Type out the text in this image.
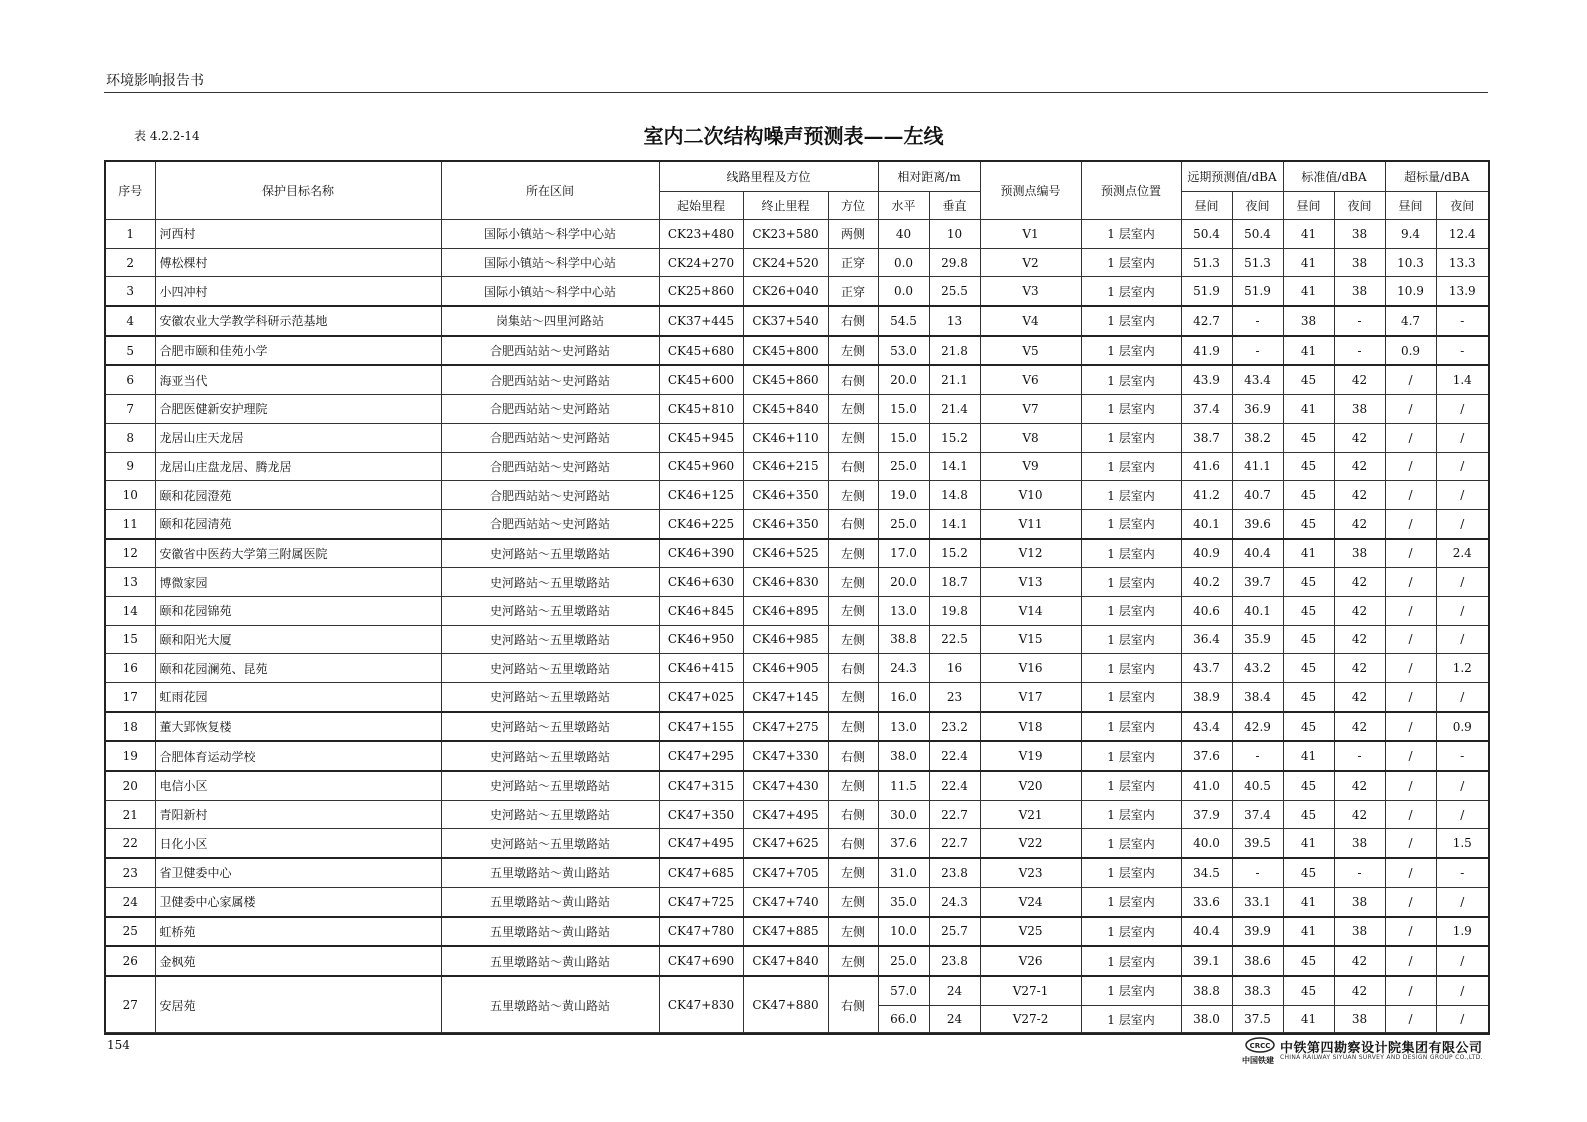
环境影响报告书
表 4.2.2-14	室内二次结构噪声预测表——左线
序号	保护目标名称	所在区间	线路里程及方位			相对距离/m		预测点编号	预测点位置	远期预测值/dBA		标准值/dBA		超标量/dBA	
			起始里程	终止里程	方位	水平	垂直			昼间	夜间	昼间	夜间	昼间	夜间
1	河西村	国际小镇站～科学中心站	CK23+480	CK23+580	两侧	40	10	V1	1 层室内	50.4	50.4	41	38	9.4	12.4
2	傅松棵村	国际小镇站～科学中心站	CK24+270	CK24+520	正穿	0.0	29.8	V2	1 层室内	51.3	51.3	41	38	10.3	13.3
3	小四冲村	国际小镇站～科学中心站	CK25+860	CK26+040	正穿	0.0	25.5	V3	1 层室内	51.9	51.9	41	38	10.9	13.9
4	安徽农业大学教学科研示范基地	岗集站～四里河路站	CK37+445	CK37+540	右侧	54.5	13	V4	1 层室内	42.7	-	38	-	4.7	-
5	合肥市颐和佳苑小学	合肥西站站～史河路站	CK45+680	CK45+800	左侧	53.0	21.8	V5	1 层室内	41.9	-	41	-	0.9	-
6	海亚当代	合肥西站站～史河路站	CK45+600	CK45+860	右侧	20.0	21.1	V6	1 层室内	43.9	43.4	45	42	/	1.4
7	合肥医健新安护理院	合肥西站站～史河路站	CK45+810	CK45+840	左侧	15.0	21.4	V7	1 层室内	37.4	36.9	41	38	/	/
8	龙居山庄天龙居	合肥西站站～史河路站	CK45+945	CK46+110	左侧	15.0	15.2	V8	1 层室内	38.7	38.2	45	42	/	/
9	龙居山庄盘龙居、腾龙居	合肥西站站～史河路站	CK45+960	CK46+215	右侧	25.0	14.1	V9	1 层室内	41.6	41.1	45	42	/	/
10	颐和花园澄苑	合肥西站站～史河路站	CK46+125	CK46+350	左侧	19.0	14.8	V10	1 层室内	41.2	40.7	45	42	/	/
11	颐和花园清苑	合肥西站站～史河路站	CK46+225	CK46+350	右侧	25.0	14.1	V11	1 层室内	40.1	39.6	45	42	/	/
12	安徽省中医药大学第三附属医院	史河路站～五里墩路站	CK46+390	CK46+525	左侧	17.0	15.2	V12	1 层室内	40.9	40.4	41	38	/	2.4
13	博微家园	史河路站～五里墩路站	CK46+630	CK46+830	左侧	20.0	18.7	V13	1 层室内	40.2	39.7	45	42	/	/
14	颐和花园锦苑	史河路站～五里墩路站	CK46+845	CK46+895	左侧	13.0	19.8	V14	1 层室内	40.6	40.1	45	42	/	/
15	颐和阳光大厦	史河路站～五里墩路站	CK46+950	CK46+985	左侧	38.8	22.5	V15	1 层室内	36.4	35.9	45	42	/	/
16	颐和花园澜苑、昆苑	史河路站～五里墩路站	CK46+415	CK46+905	右侧	24.3	16	V16	1 层室内	43.7	43.2	45	42	/	1.2
17	虹雨花园	史河路站～五里墩路站	CK47+025	CK47+145	左侧	16.0	23	V17	1 层室内	38.9	38.4	45	42	/	/
18	董大郢恢复楼	史河路站～五里墩路站	CK47+155	CK47+275	左侧	13.0	23.2	V18	1 层室内	43.4	42.9	45	42	/	0.9
19	合肥体育运动学校	史河路站～五里墩路站	CK47+295	CK47+330	右侧	38.0	22.4	V19	1 层室内	37.6	-	41	-	/	-
20	电信小区	史河路站～五里墩路站	CK47+315	CK47+430	左侧	11.5	22.4	V20	1 层室内	41.0	40.5	45	42	/	/
21	青阳新村	史河路站～五里墩路站	CK47+350	CK47+495	右侧	30.0	22.7	V21	1 层室内	37.9	37.4	45	42	/	/
22	日化小区	史河路站～五里墩路站	CK47+495	CK47+625	右侧	37.6	22.7	V22	1 层室内	40.0	39.5	41	38	/	1.5
23	省卫健委中心	五里墩路站～黄山路站	CK47+685	CK47+705	左侧	31.0	23.8	V23	1 层室内	34.5	-	45	-	/	-
24	卫健委中心家属楼	五里墩路站～黄山路站	CK47+725	CK47+740	左侧	35.0	24.3	V24	1 层室内	33.6	33.1	41	38	/	/
25	虹桥苑	五里墩路站～黄山路站	CK47+780	CK47+885	左侧	10.0	25.7	V25	1 层室内	40.4	39.9	41	38	/	1.9
26	金枫苑	五里墩路站～黄山路站	CK47+690	CK47+840	左侧	25.0	23.8	V26	1 层室内	39.1	38.6	45	42	/	/
27	安居苑	五里墩路站～黄山路站	CK47+830	CK47+880	右侧	57.0	24	V27-1	1 层室内	38.8	38.3	45	42	/	/
						66.0	24	V27-2	1 层室内	38.0	37.5	41	38	/	/
154	CRCC
中国铁建
中铁第四勘察设计院集团有限公司
CHINA RAILWAY SIYUAN SURVEY AND DESIGN GROUP CO.,LTD.
